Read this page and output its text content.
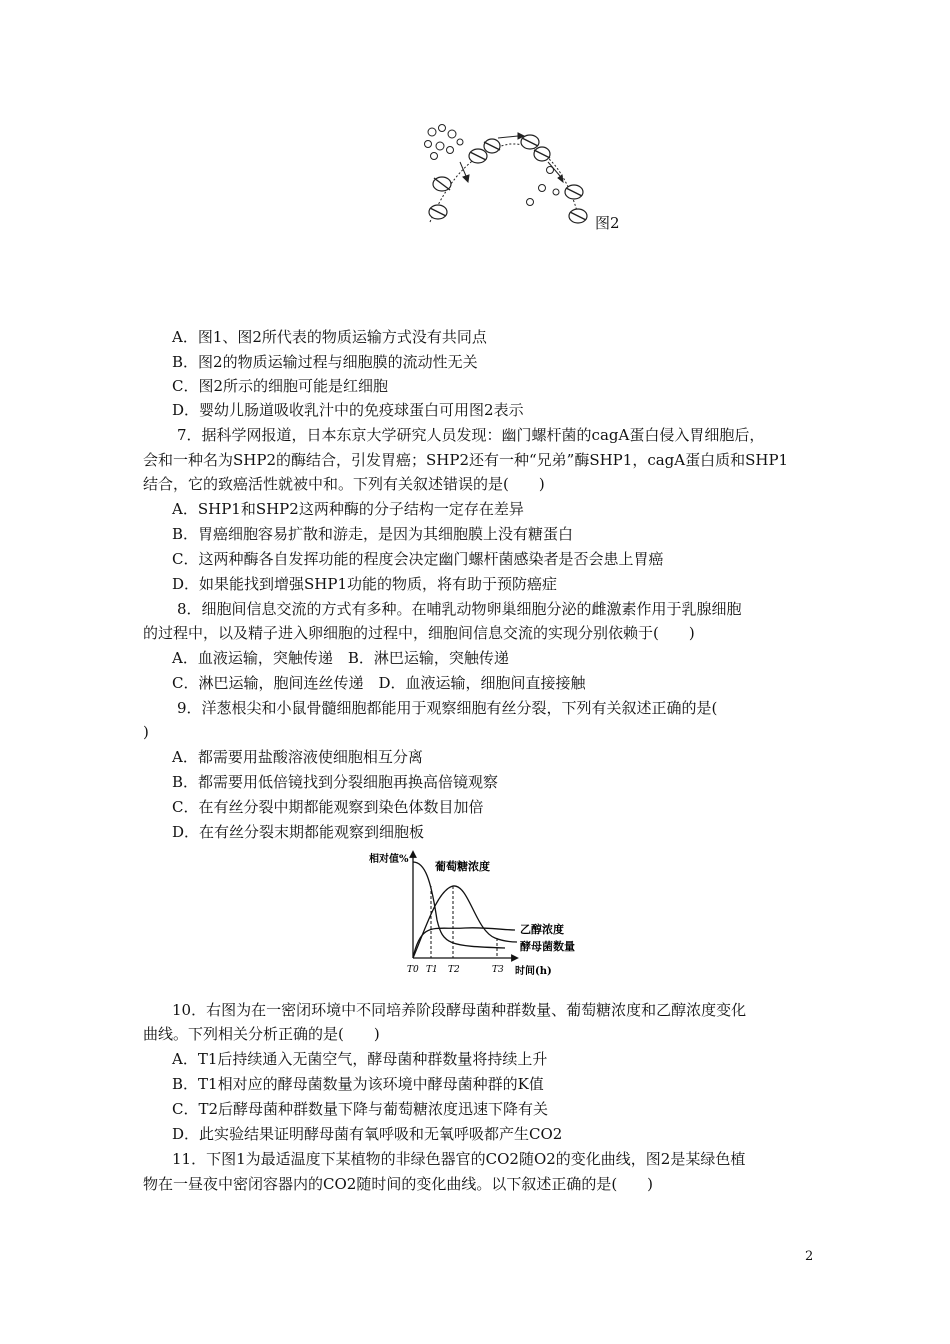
图2
A．图1、图2所代表的物质运输方式没有共同点
B．图2的物质运输过程与细胞膜的流动性无关
C．图2所示的细胞可能是红细胞
D．婴幼儿肠道吸收乳汁中的免疫球蛋白可用图2表示
7．据科学网报道，日本东京大学研究人员发现：幽门螺杆菌的cagA蛋白侵入胃细胞后，
会和一种名为SHP2的酶结合，引发胃癌；SHP2还有一种“兄弟”酶SHP1，cagA蛋白质和SHP1
结合，它的致癌活性就被中和。下列有关叙述错误的是(　　)
A．SHP1和SHP2这两种酶的分子结构一定存在差异
B．胃癌细胞容易扩散和游走，是因为其细胞膜上没有糖蛋白
C．这两种酶各自发挥功能的程度会决定幽门螺杆菌感染者是否会患上胃癌
D．如果能找到增强SHP1功能的物质，将有助于预防癌症
8．细胞间信息交流的方式有多种。在哺乳动物卵巢细胞分泌的雌激素作用于乳腺细胞
的过程中，以及精子进入卵细胞的过程中，细胞间信息交流的实现分别依赖于(　　)
A．血液运输，突触传递　B．淋巴运输，突触传递
C．淋巴运输，胞间连丝传递　D．血液运输，细胞间直接接触
9．洋葱根尖和小鼠骨髓细胞都能用于观察细胞有丝分裂，下列有关叙述正确的是(
)
A．都需要用盐酸溶液使细胞相互分离
B．都需要用低倍镜找到分裂细胞再换高倍镜观察
C．在有丝分裂中期都能观察到染色体数目加倍
D．在有丝分裂末期都能观察到细胞板
相对值%
葡萄糖浓度
乙醇浓度
酵母菌数量
T0 T1 T2	T3 时间(h)
10．右图为在一密闭环境中不同培养阶段酵母菌种群数量、葡萄糖浓度和乙醇浓度变化
曲线。下列相关分析正确的是(　　)
A．T1后持续通入无菌空气，酵母菌种群数量将持续上升
B．T1相对应的酵母菌数量为该环境中酵母菌种群的K值
C．T2后酵母菌种群数量下降与葡萄糖浓度迅速下降有关
D．此实验结果证明酵母菌有氧呼吸和无氧呼吸都产生CO2
11．下图1为最适温度下某植物的非绿色器官的CO2随O2的变化曲线，图2是某绿色植
物在一昼夜中密闭容器内的CO2随时间的变化曲线。以下叙述正确的是(　　)
2
